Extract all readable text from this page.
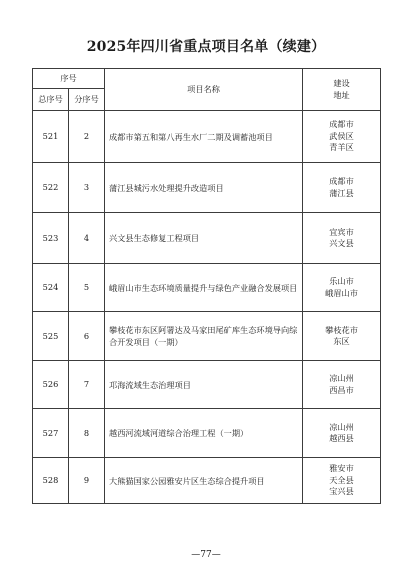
2025年四川省重点项目名单（续建）
序号		项目名称	建设
地址

总序号	分序号		
521	2	成都市第五和第八再生水厂二期及调蓄池项目	成都市
武侯区
青羊区

522	3	蒲江县城污水处理提升改造项目	成都市
蒲江县

523	4	兴文县生态修复工程项目	宜宾市
兴文县

524	5	峨眉山市生态环境质量提升与绿色产业融合发展项目	乐山市
峨眉山市

525	6	攀枝花市东区阿署达及马家田尾矿库生态环境导向综合开发项目（一期）	攀枝花市
东区

526	7	邛海流域生态治理项目	凉山州
西昌市

527	8	越西河流域河道综合治理工程（一期）	凉山州
越西县

528	9	大熊猫国家公园雅安片区生态综合提升项目	雅安市
天全县
宝兴县
—77—
